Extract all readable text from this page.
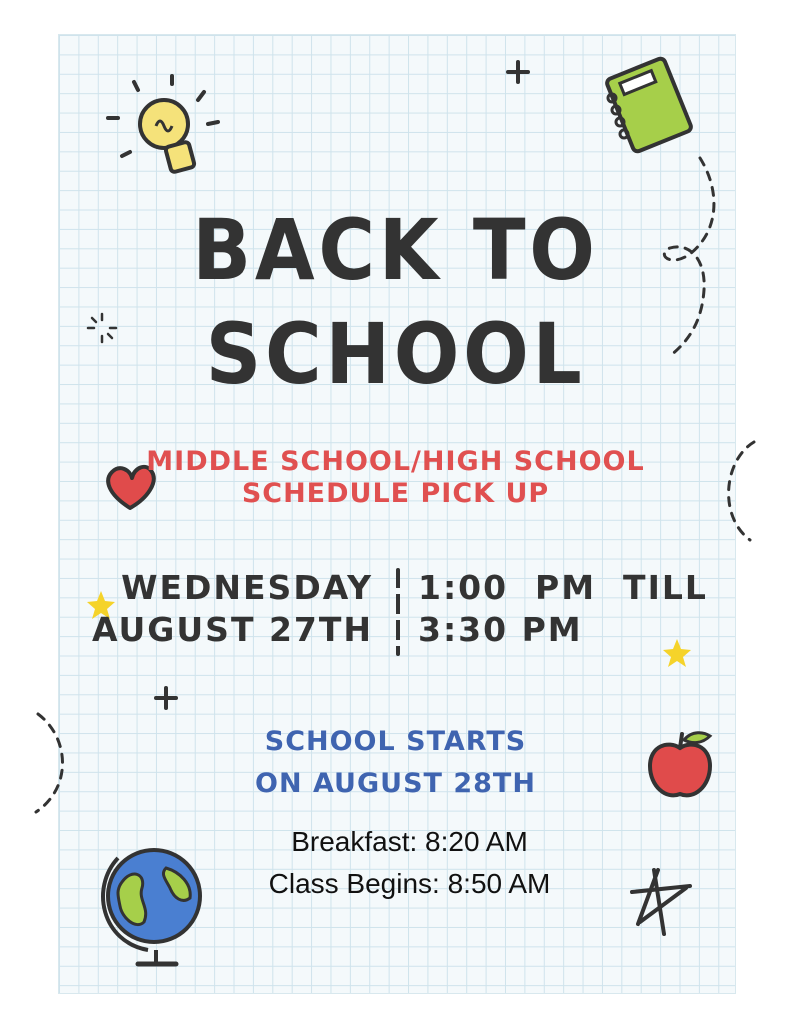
BACK TO
SCHOOL
MIDDLE SCHOOL/HIGH SCHOOL
SCHEDULE PICK UP
WEDNESDAY
AUGUST 27TH
1:00  PM  TILL
3:30 PM
SCHOOL STARTS
ON AUGUST 28TH
Breakfast: 8:20 AM
Class Begins: 8:50 AM
